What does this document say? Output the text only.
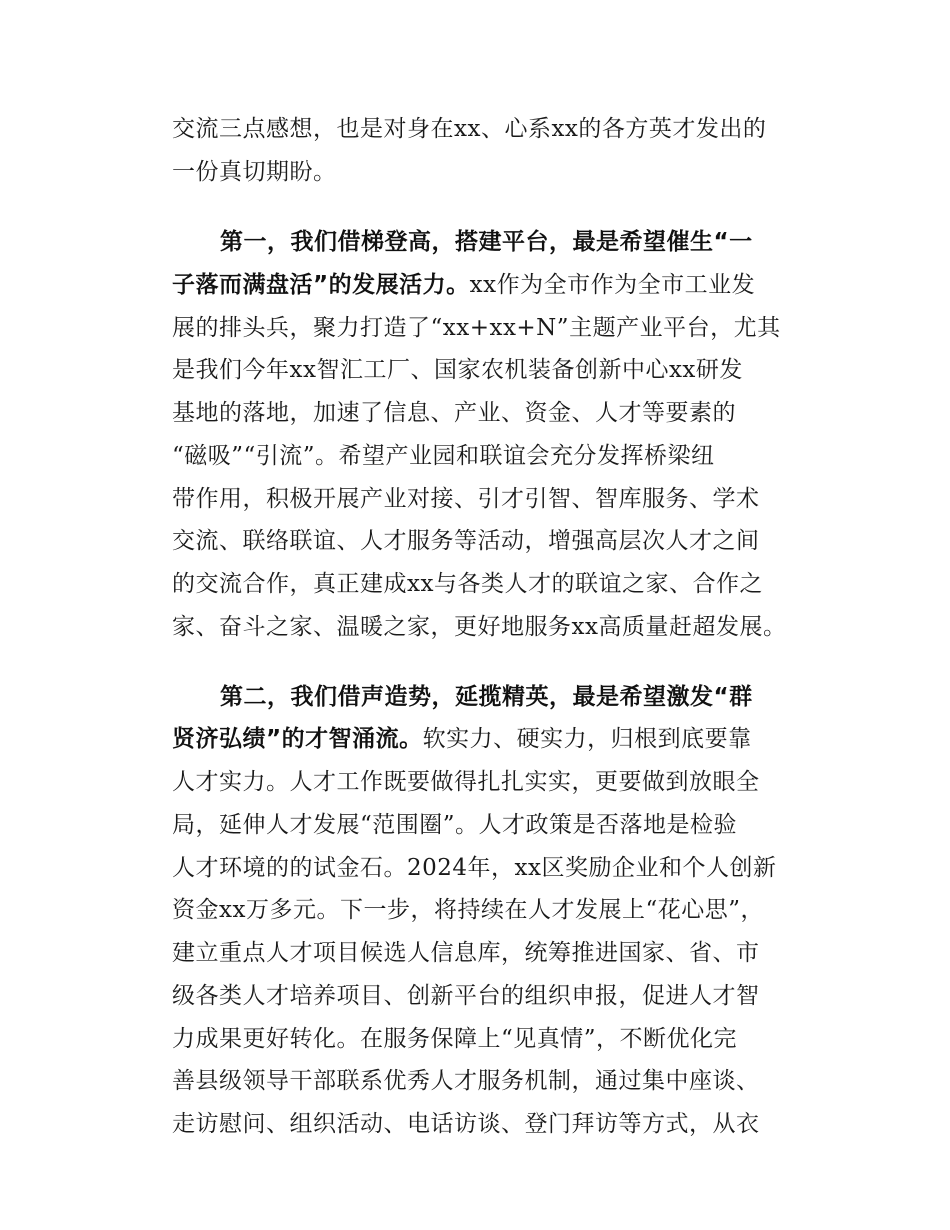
交流三点感想，也是对身在xx、心系xx的各方英才发出的
一份真切期盼。
第一，我们借梯登高，搭建平台，最是希望催生“一
子落而满盘活”的发展活力。xx作为全市作为全市工业发
展的排头兵，聚力打造了“xx+xx+N”主题产业平台，尤其
是我们今年xx智汇工厂、国家农机装备创新中心xx研发
基地的落地，加速了信息、产业、资金、人才等要素的
“磁吸”“引流”。希望产业园和联谊会充分发挥桥梁纽
带作用，积极开展产业对接、引才引智、智库服务、学术
交流、联络联谊、人才服务等活动，增强高层次人才之间
的交流合作，真正建成xx与各类人才的联谊之家、合作之
家、奋斗之家、温暖之家，更好地服务xx高质量赶超发展。
第二，我们借声造势，延揽精英，最是希望激发“群
贤济弘绩”的才智涌流。软实力、硬实力，归根到底要靠
人才实力。人才工作既要做得扎扎实实，更要做到放眼全
局，延伸人才发展“范围圈”。人才政策是否落地是检验
人才环境的的试金石。2024年，xx区奖励企业和个人创新
资金xx万多元。下一步，将持续在人才发展上“花心思”，
建立重点人才项目候选人信息库，统筹推进国家、省、市
级各类人才培养项目、创新平台的组织申报，促进人才智
力成果更好转化。在服务保障上“见真情”，不断优化完
善县级领导干部联系优秀人才服务机制，通过集中座谈、
走访慰问、组织活动、电话访谈、登门拜访等方式，从衣
